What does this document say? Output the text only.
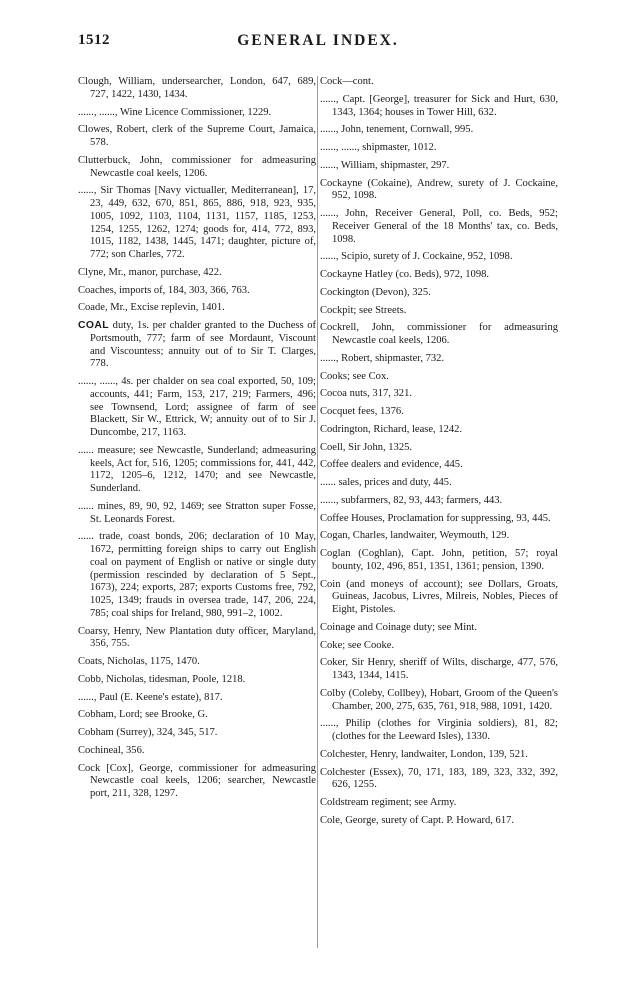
1512	GENERAL INDEX.

Clough, William, undersearcher, London, 647, 689, 727, 1422, 1430, 1434.

......, ......, Wine Licence Commissioner, 1229.

Clowes, Robert, clerk of the Supreme Court, Jamaica, 578.

Clutterbuck, John, commissioner for admeasuring Newcastle coal keels, 1206.

......, Sir Thomas [Navy victualler, Mediterranean], 17, 23, 449, 632, 670, 851, 865, 886, 918, 923, 935, 1005, 1092, 1103, 1104, 1131, 1157, 1185, 1253, 1254, 1255, 1262, 1274; goods for, 414, 772, 893, 1015, 1182, 1438, 1445, 1471; daughter, picture of, 772; son Charles, 772.

Clyne, Mr., manor, purchase, 422.

Coaches, imports of, 184, 303, 366, 763.

Coade, Mr., Excise replevin, 1401.

COAL duty, 1s. per chalder granted to the Duchess of Portsmouth, 777; farm of see Mordaunt, Viscount and Viscountess; annuity out of to Sir T. Clarges, 778.

......, ......, 4s. per chalder on sea coal exported, 50, 109; accounts, 441; Farm, 153, 217, 219; Farmers, 496; see Townsend, Lord; assignee of farm of see Blackett, Sir W., Ettrick, W; annuity out of to Sir J. Duncombe, 217, 1163.

...... measure; see Newcastle, Sunderland; admeasuring keels, Act for, 516, 1205; commissions for, 441, 442, 1172, 1205–6, 1212, 1470; and see Newcastle, Sunderland.

...... mines, 89, 90, 92, 1469; see Stratton super Fosse, St. Leonards Forest.

...... trade, coast bonds, 206; declaration of 10 May, 1672, permitting foreign ships to carry out English coal on payment of English or native or single duty (permission rescinded by declaration of 5 Sept., 1673), 224; exports, 287; exports Customs free, 792, 1025, 1349; frauds in oversea trade, 147, 206, 224, 785; coal ships for Ireland, 980, 991–2, 1002.

Coarsy, Henry, New Plantation duty officer, Maryland, 356, 755.

Coats, Nicholas, 1175, 1470.

Cobb, Nicholas, tidesman, Poole, 1218.

......, Paul (E. Keene's estate), 817.

Cobham, Lord; see Brooke, G.

Cobham (Surrey), 324, 345, 517.

Cochineal, 356.

Cock [Cox], George, commissioner for admeasuring Newcastle coal keels, 1206; searcher, Newcastle port, 211, 328, 1297.

Cock—cont.

......, Capt. [George], treasurer for Sick and Hurt, 630, 1343, 1364; houses in Tower Hill, 632.

......, John, tenement, Cornwall, 995.

......, ......, shipmaster, 1012.

......, William, shipmaster, 297.

Cockayne (Cokaine), Andrew, surety of J. Cockaine, 952, 1098.

......, John, Receiver General, Poll, co. Beds, 952; Receiver General of the 18 Months' tax, co. Beds, 1098.

......, Scipio, surety of J. Cockaine, 952, 1098.

Cockayne Hatley (co. Beds), 972, 1098.

Cockington (Devon), 325.

Cockpit; see Streets.

Cockrell, John, commissioner for admeasuring Newcastle coal keels, 1206.

......, Robert, shipmaster, 732.

Cooks; see Cox.

Cocoa nuts, 317, 321.

Cocquet fees, 1376.

Codrington, Richard, lease, 1242.

Coell, Sir John, 1325.

Coffee dealers and evidence, 445.

...... sales, prices and duty, 445.

......, subfarmers, 82, 93, 443; farmers, 443.

Coffee Houses, Proclamation for suppressing, 93, 445.

Cogan, Charles, landwaiter, Weymouth, 129.

Coglan (Coghlan), Capt. John, petition, 57; royal bounty, 102, 496, 851, 1351, 1361; pension, 1390.

Coin (and moneys of account); see Dollars, Groats, Guineas, Jacobus, Livres, Milreis, Nobles, Pieces of Eight, Pistoles.

Coinage and Coinage duty; see Mint.

Coke; see Cooke.

Coker, Sir Henry, sheriff of Wilts, discharge, 477, 576, 1343, 1344, 1415.

Colby (Coleby, Collbey), Hobart, Groom of the Queen's Chamber, 200, 275, 635, 761, 918, 988, 1091, 1420.

......, Philip (clothes for Virginia soldiers), 81, 82; (clothes for the Leeward Isles), 1330.

Colchester, Henry, landwaiter, London, 139, 521.

Colchester (Essex), 70, 171, 183, 189, 323, 332, 392, 626, 1255.

Coldstream regiment; see Army.

Cole, George, surety of Capt. P. Howard, 617.
